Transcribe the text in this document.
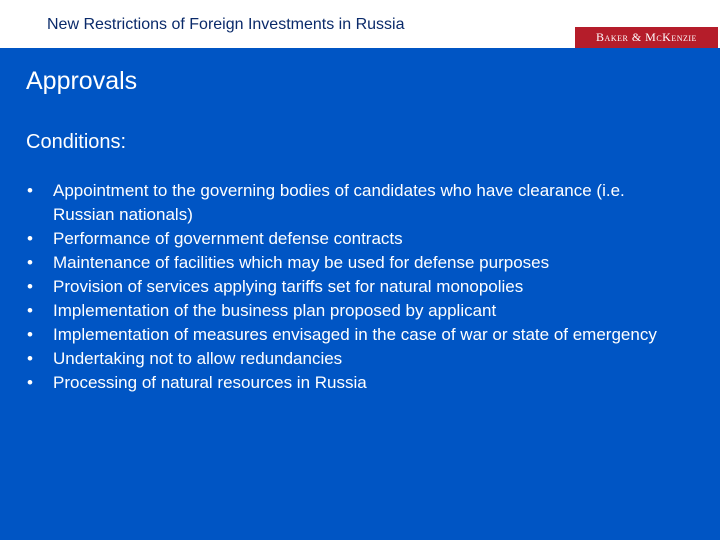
New Restrictions of Foreign Investments in Russia
Baker & McKenzie
Approvals
Conditions:
• Appointment to the governing bodies of candidates who have clearance (i.e. Russian nationals)
• Performance of government defense contracts
• Maintenance of facilities which may be used for defense purposes
• Provision of services applying tariffs set for natural monopolies
• Implementation of the business plan proposed by applicant
• Implementation of measures envisaged in the case of war or state of emergency
• Undertaking not to allow redundancies
• Processing of natural resources in Russia
